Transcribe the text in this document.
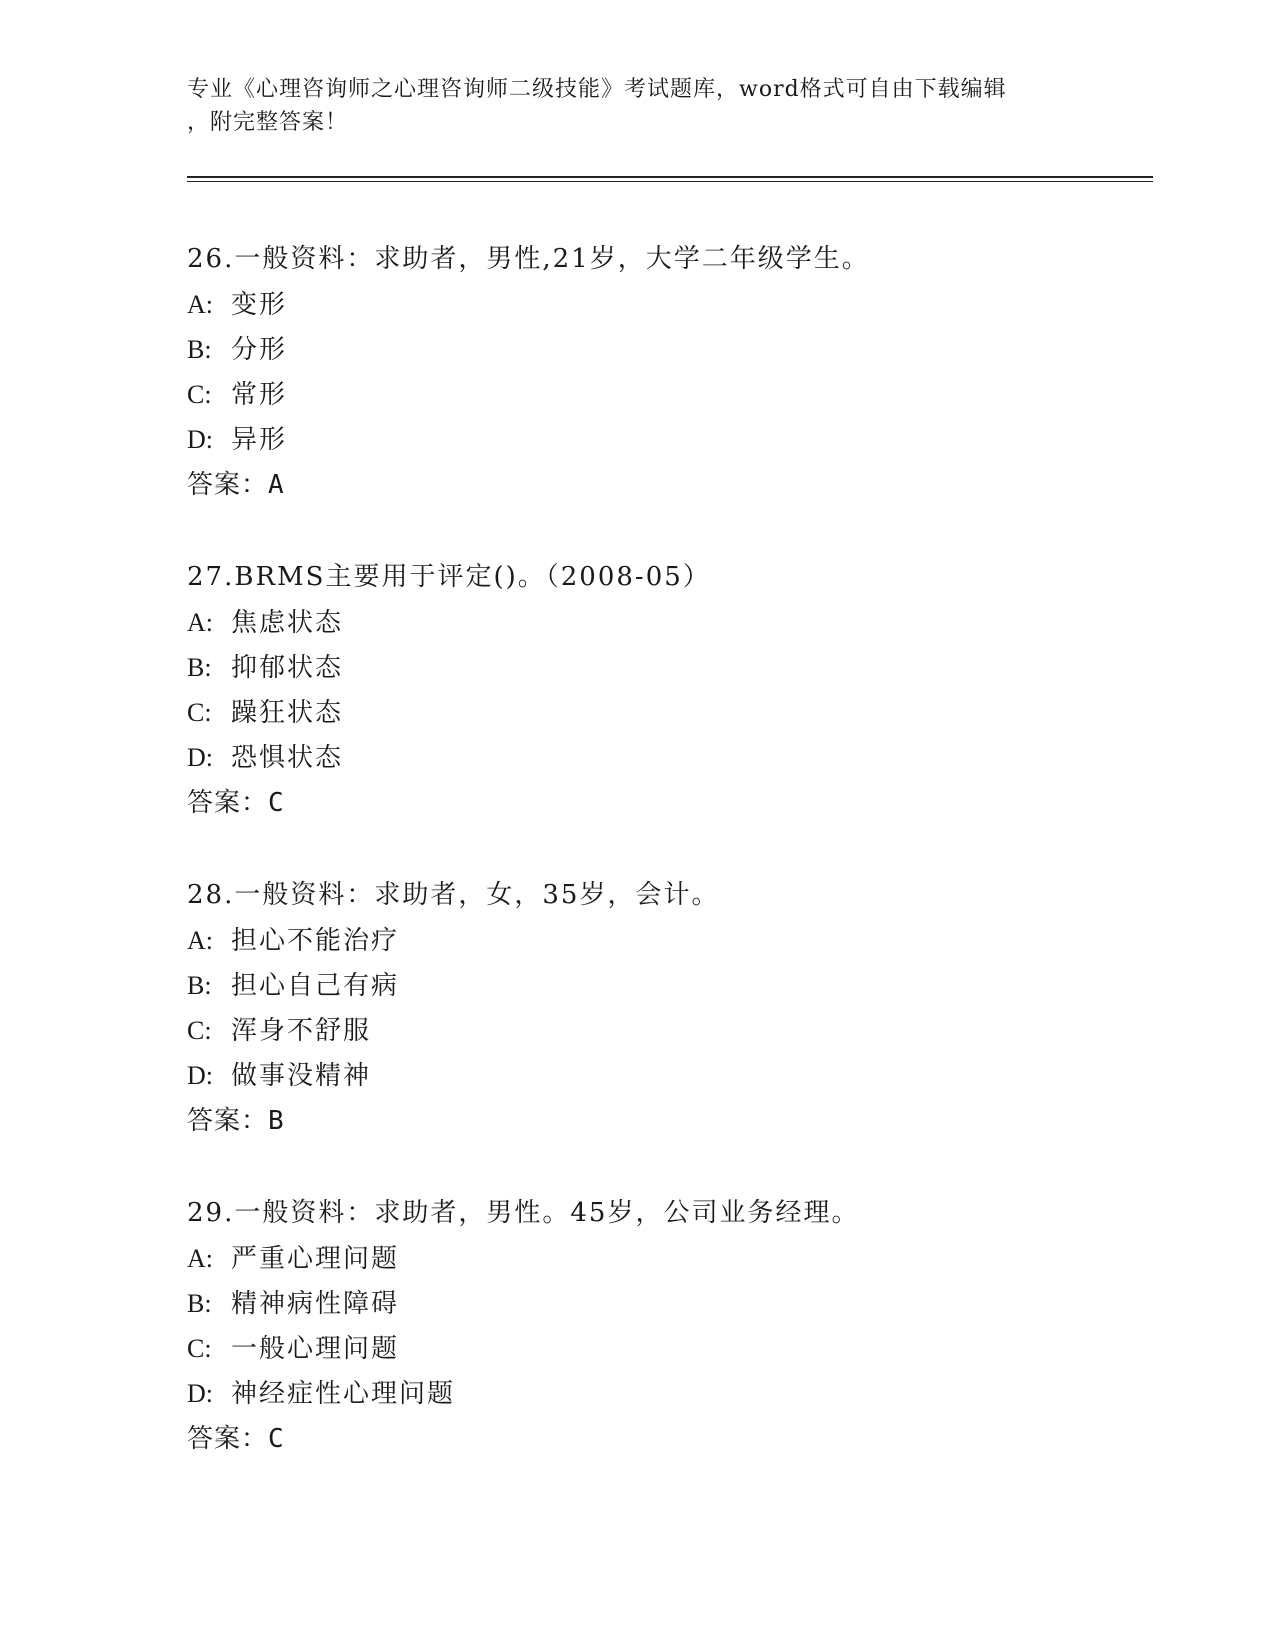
专业《心理咨询师之心理咨询师二级技能》考试题库，word格式可自由下载编辑
，附完整答案！
26.一般资料：求助者，男性,21岁，大学二年级学生。
A: 变形
B: 分形
C: 常形
D: 异形
答案：A
27.BRMS主要用于评定()。（2008-05）
A: 焦虑状态
B: 抑郁状态
C: 躁狂状态
D: 恐惧状态
答案：C
28.一般资料：求助者，女，35岁，会计。
A: 担心不能治疗
B: 担心自己有病
C: 浑身不舒服
D: 做事没精神
答案：B
29.一般资料：求助者，男性。45岁，公司业务经理。
A: 严重心理问题
B: 精神病性障碍
C: 一般心理问题
D: 神经症性心理问题
答案：C
